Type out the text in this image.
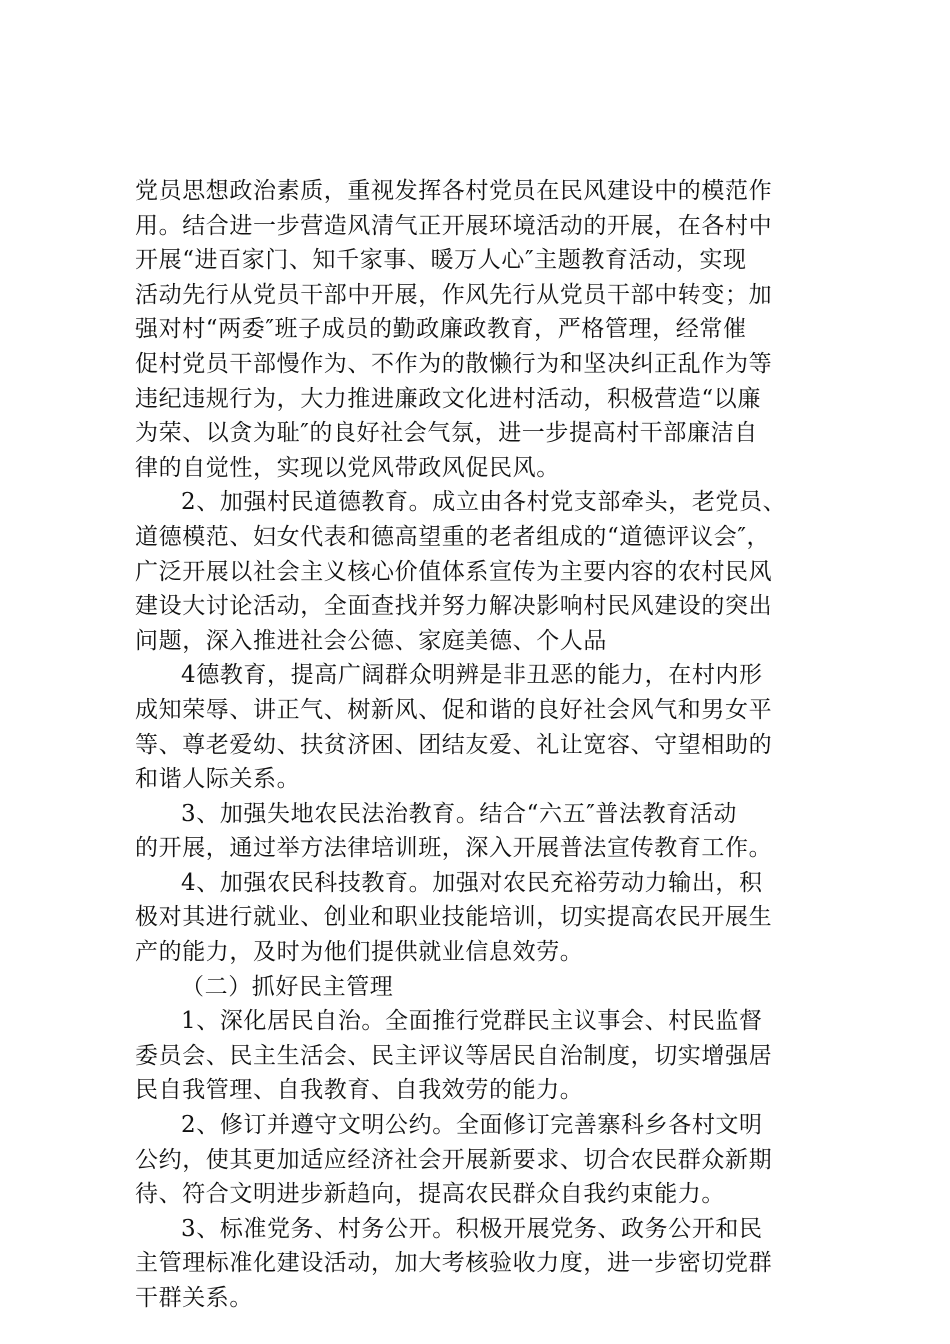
党员思想政治素质，重视发挥各村党员在民风建设中的模范作
用。结合进一步营造风清气正开展环境活动的开展，在各村中
开展“进百家门、知千家事、暖万人心″主题教育活动，实现
活动先行从党员干部中开展，作风先行从党员干部中转变；加
强对村“两委″班子成员的勤政廉政教育，严格管理，经常催
促村党员干部慢作为、不作为的散懒行为和坚决纠正乱作为等
违纪违规行为，大力推进廉政文化进村活动，积极营造“以廉
为荣、以贪为耻″的良好社会气氛，进一步提高村干部廉洁自
律的自觉性，实现以党风带政风促民风。
2、加强村民道德教育。成立由各村党支部牵头，老党员、
道德模范、妇女代表和德高望重的老者组成的“道德评议会″，
广泛开展以社会主义核心价值体系宣传为主要内容的农村民风
建设大讨论活动，全面查找并努力解决影响村民风建设的突出
问题，深入推进社会公德、家庭美德、个人品
4德教育，提高广阔群众明辨是非丑恶的能力，在村内形
成知荣辱、讲正气、树新风、促和谐的良好社会风气和男女平
等、尊老爱幼、扶贫济困、团结友爱、礼让宽容、守望相助的
和谐人际关系。
3、加强失地农民法治教育。结合“六五″普法教育活动
的开展，通过举方法律培训班，深入开展普法宣传教育工作。
4、加强农民科技教育。加强对农民充裕劳动力输出，积
极对其进行就业、创业和职业技能培训，切实提高农民开展生
产的能力，及时为他们提供就业信息效劳。
（二）抓好民主管理
1、深化居民自治。全面推行党群民主议事会、村民监督
委员会、民主生活会、民主评议等居民自治制度，切实增强居
民自我管理、自我教育、自我效劳的能力。
2、修订并遵守文明公约。全面修订完善寨科乡各村文明
公约，使其更加适应经济社会开展新要求、切合农民群众新期
待、符合文明进步新趋向，提高农民群众自我约束能力。
3、标准党务、村务公开。积极开展党务、政务公开和民
主管理标准化建设活动，加大考核验收力度，进一步密切党群
干群关系。
